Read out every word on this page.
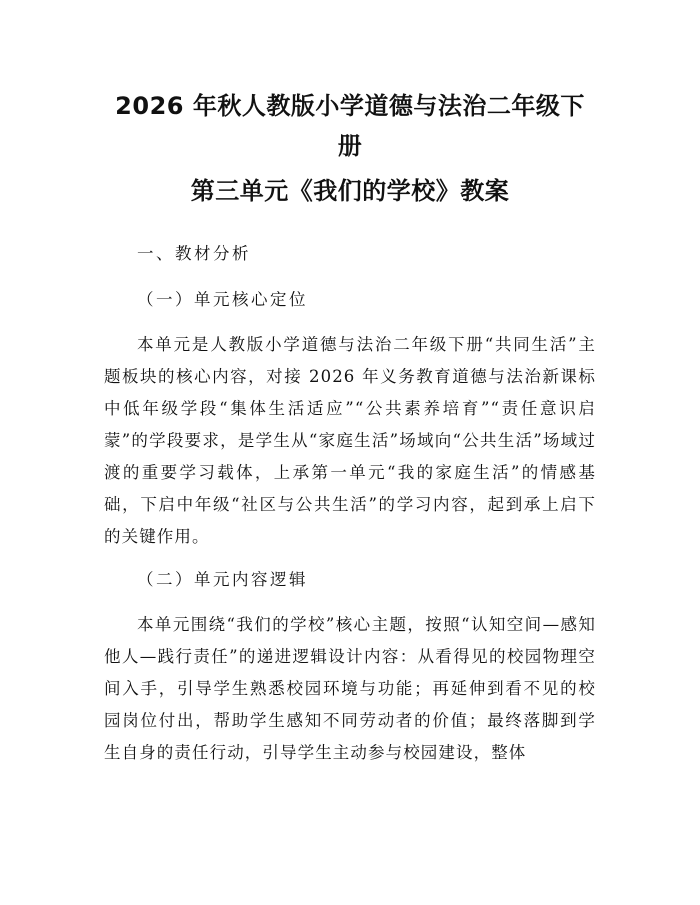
2026 年秋人教版小学道德与法治二年级下册
第三单元《我们的学校》教案

一、教材分析

（一）单元核心定位

本单元是人教版小学道德与法治二年级下册“共同生活”主题板块的核心内容，对接 2026 年义务教育道德与法治新课标中低年级学段“集体生活适应”“公共素养培育”“责任意识启蒙”的学段要求，是学生从“家庭生活”场域向“公共生活”场域过渡的重要学习载体，上承第一单元“我的家庭生活”的情感基础，下启中年级“社区与公共生活”的学习内容，起到承上启下的关键作用。

（二）单元内容逻辑

本单元围绕“我们的学校”核心主题，按照“认知空间—感知他人—践行责任”的递进逻辑设计内容：从看得见的校园物理空间入手，引导学生熟悉校园环境与功能；再延伸到看不见的校园岗位付出，帮助学生感知不同劳动者的价值；最终落脚到学生自身的责任行动，引导学生主动参与校园建设，整体
